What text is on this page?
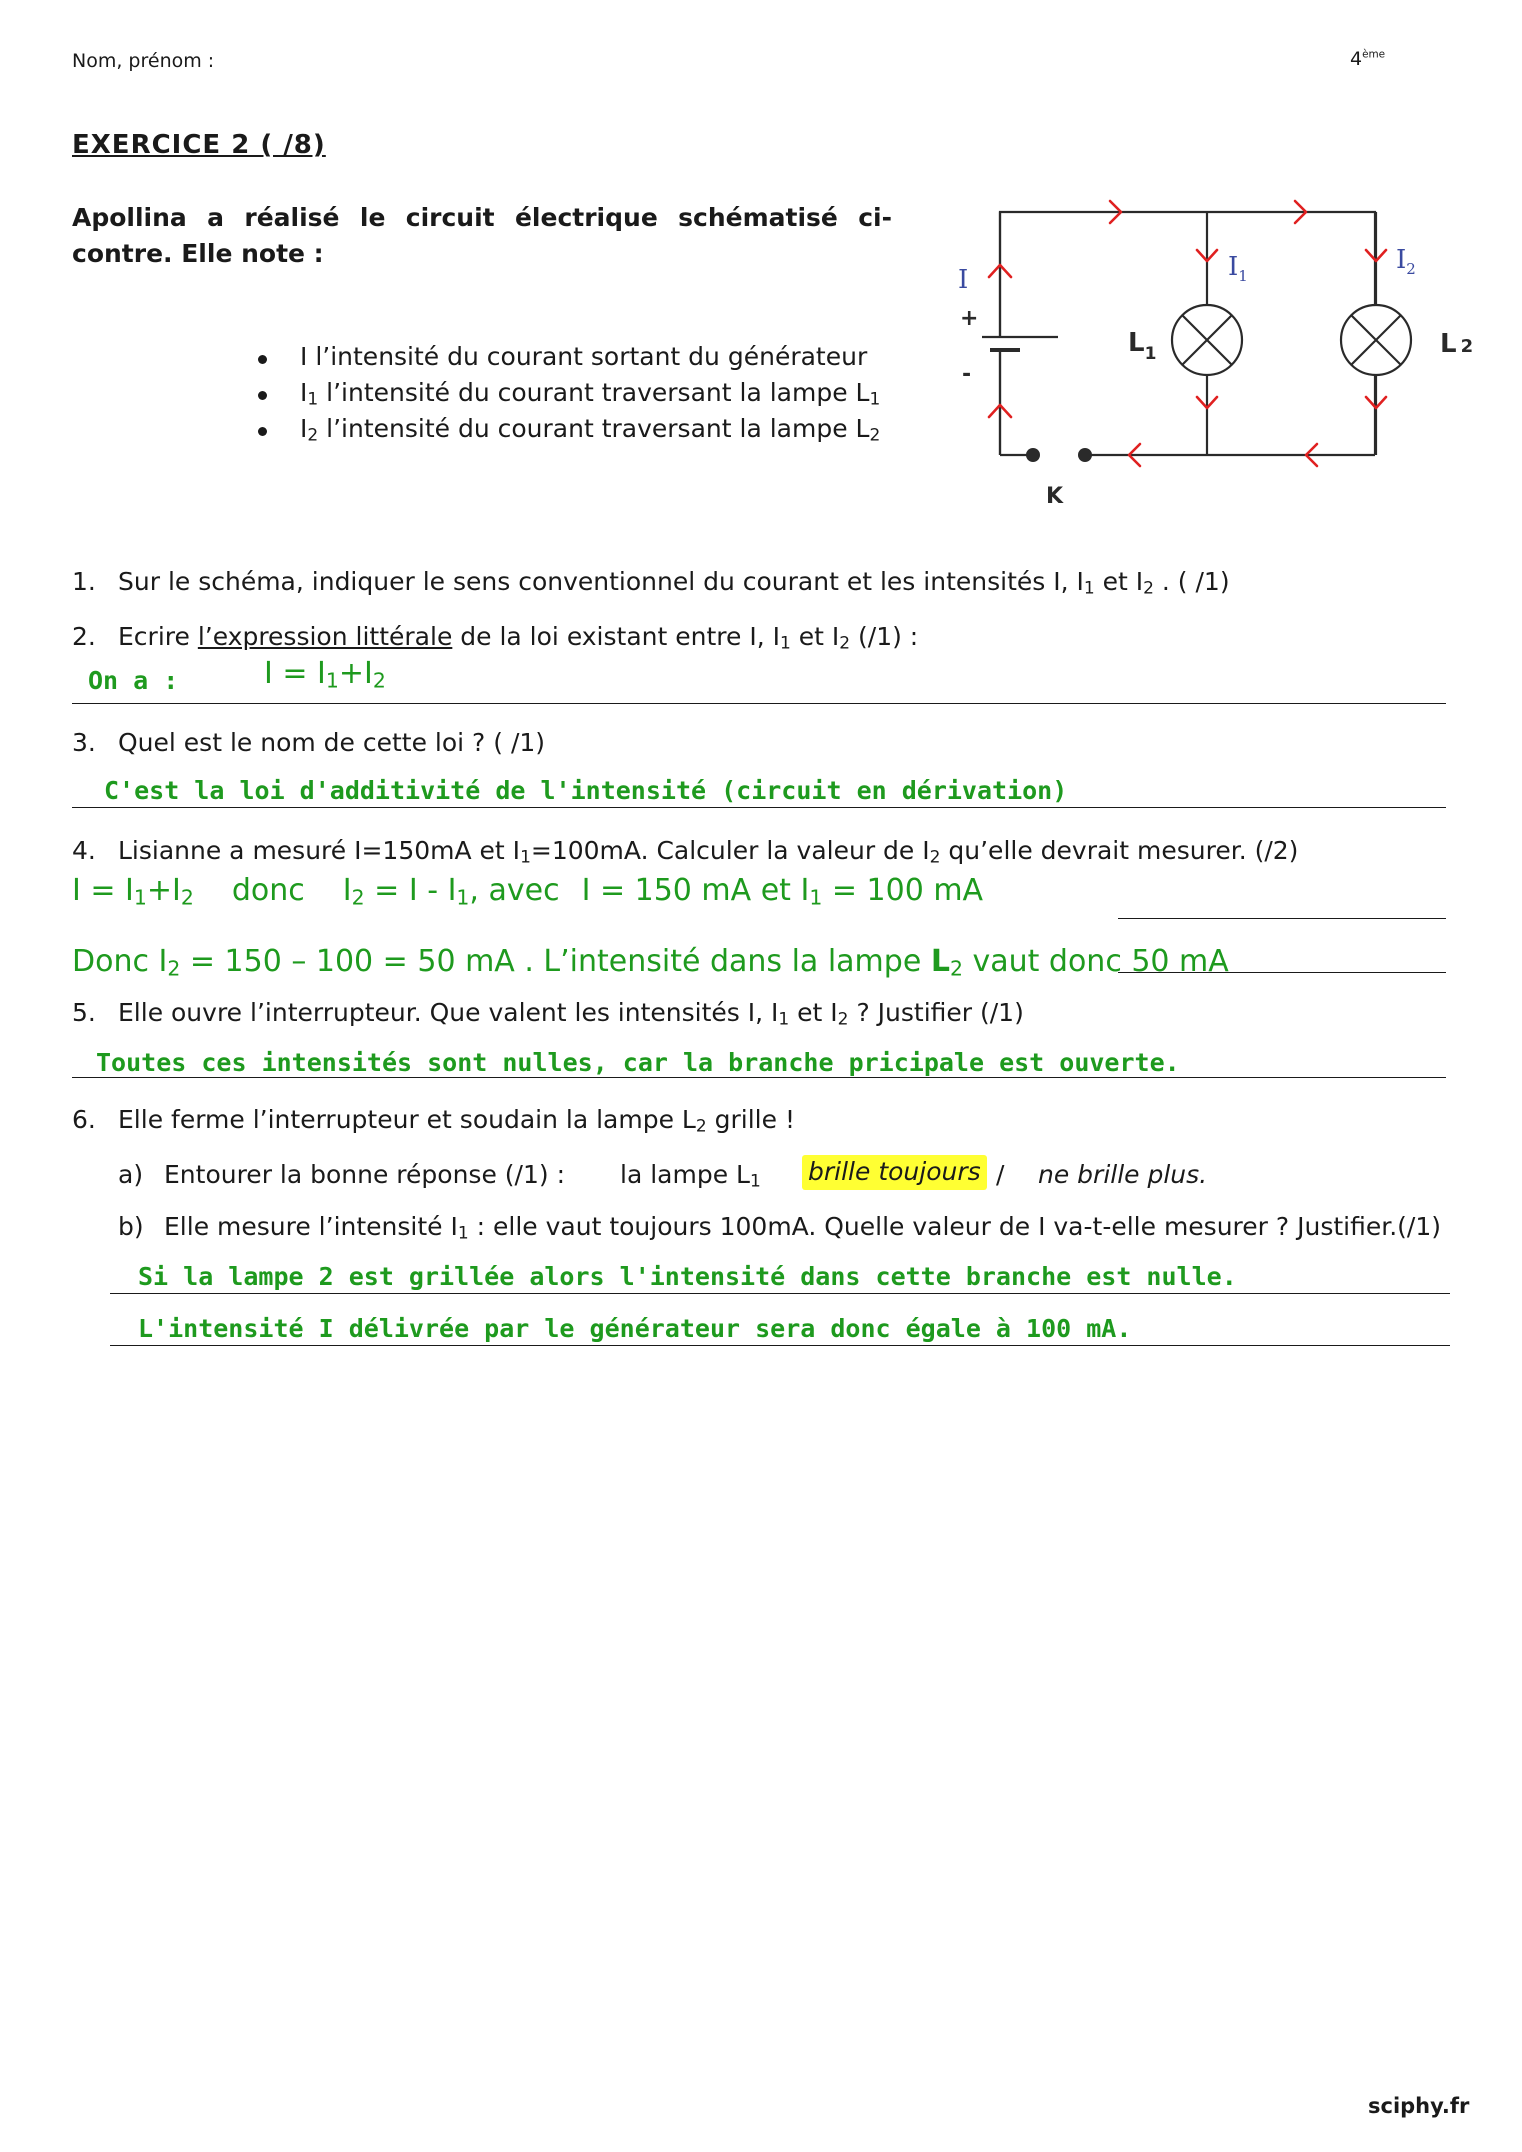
Nom, prénom :	4ème
EXERCICE 2 ( /8)
Apollina a réalisé le circuit électrique schématisé ci-contre. Elle note :
I l’intensité du courant sortant du générateur
$I_1$ l’intensité du courant traversant la lampe $L_1$
$I_2$ l’intensité du courant traversant la lampe $L_2$
+
-
I	$I_1$
$I_2$
$L_1$	L 2
K
1. Sur le schéma, indiquer le sens conventionnel du courant et les intensités I, $I_1$ et $I_2$ . ( /1)
2. Ecrire l’expression littérale de la loi existant entre I, $I_1$ et $I_2$ (/1) :
On a :	$I = I_1+I_2$
3. Quel est le nom de cette loi ? ( /1)
C'est la loi d'additivité de l'intensité (circuit en dérivation)
4. Lisianne a mesuré I=150mA et $I_1=100mA$. Calculer la valeur de $I_2$ qu’elle devrait mesurer. (/2)
$I = I_1+I_2$ donc $I_2 = I - I_1$, avec I = 150 mA et $I_1 = 100$ mA
Donc $I_2 = 150 - 100 = 50$ mA . L’intensité dans la lampe $L_2$ vaut donc 50 mA
5. Elle ouvre l’interrupteur. Que valent les intensités I, $I_1$ et $I_2$ ? Justifier (/1)
Toutes ces intensités sont nulles, car la branche pricipale est ouverte.
6. Elle ferme l’interrupteur et soudain la lampe $L_2$ grille !
a) Entourer la bonne réponse (/1) : la lampe $L_1$ brille toujours / ne brille plus.
b) Elle mesure l’intensité $I_1$ : elle vaut toujours 100mA. Quelle valeur de I va-t-elle mesurer ? Justifier.(/1)
Si la lampe 2 est grillée alors l'intensité dans cette branche est nulle.
L'intensité I délivrée par le générateur sera donc égale à 100 mA.
sciphy.fr
